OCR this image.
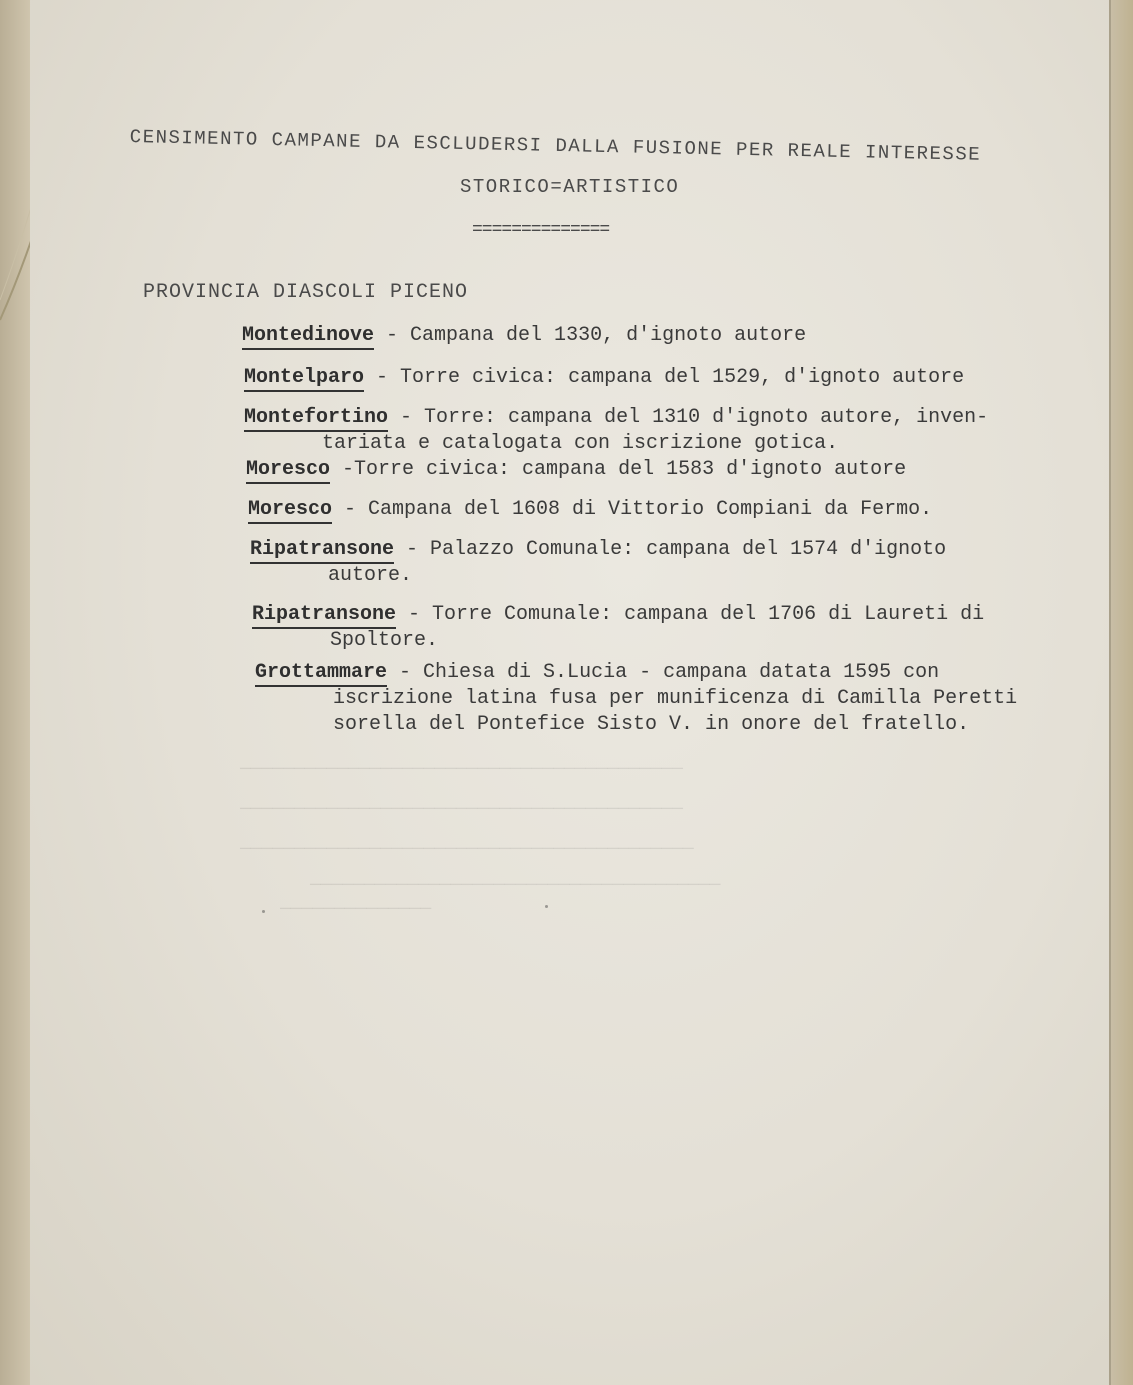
─────────────────────────────────────────
─────────────────────────────────────────
──────────────────────────────────────────
──────────────────────────────────────
──────────────
CENSIMENTO CAMPANE DA ESCLUDERSI DALLA FUSIONE PER REALE INTERESSE
STORICO=ARTISTICO
==============
PROVINCIA DIASCOLI PICENO
Montedinove - Campana del 1330, d'ignoto autore
Montelparo - Torre civica: campana del 1529, d'ignoto autore
Montefortino - Torre: campana del 1310 d'ignoto autore, inven-
tariata e catalogata con iscrizione gotica.
Moresco -Torre civica: campana del 1583 d'ignoto autore
Moresco - Campana del 1608 di Vittorio Compiani da Fermo.
Ripatransone - Palazzo Comunale: campana del 1574 d'ignoto
autore.
Ripatransone - Torre Comunale: campana del 1706 di Laureti di
Spoltore.
Grottammare - Chiesa di S.Lucia - campana datata 1595 con
iscrizione latina fusa per munificenza di Camilla Peretti
sorella del Pontefice Sisto V. in onore del fratello.
